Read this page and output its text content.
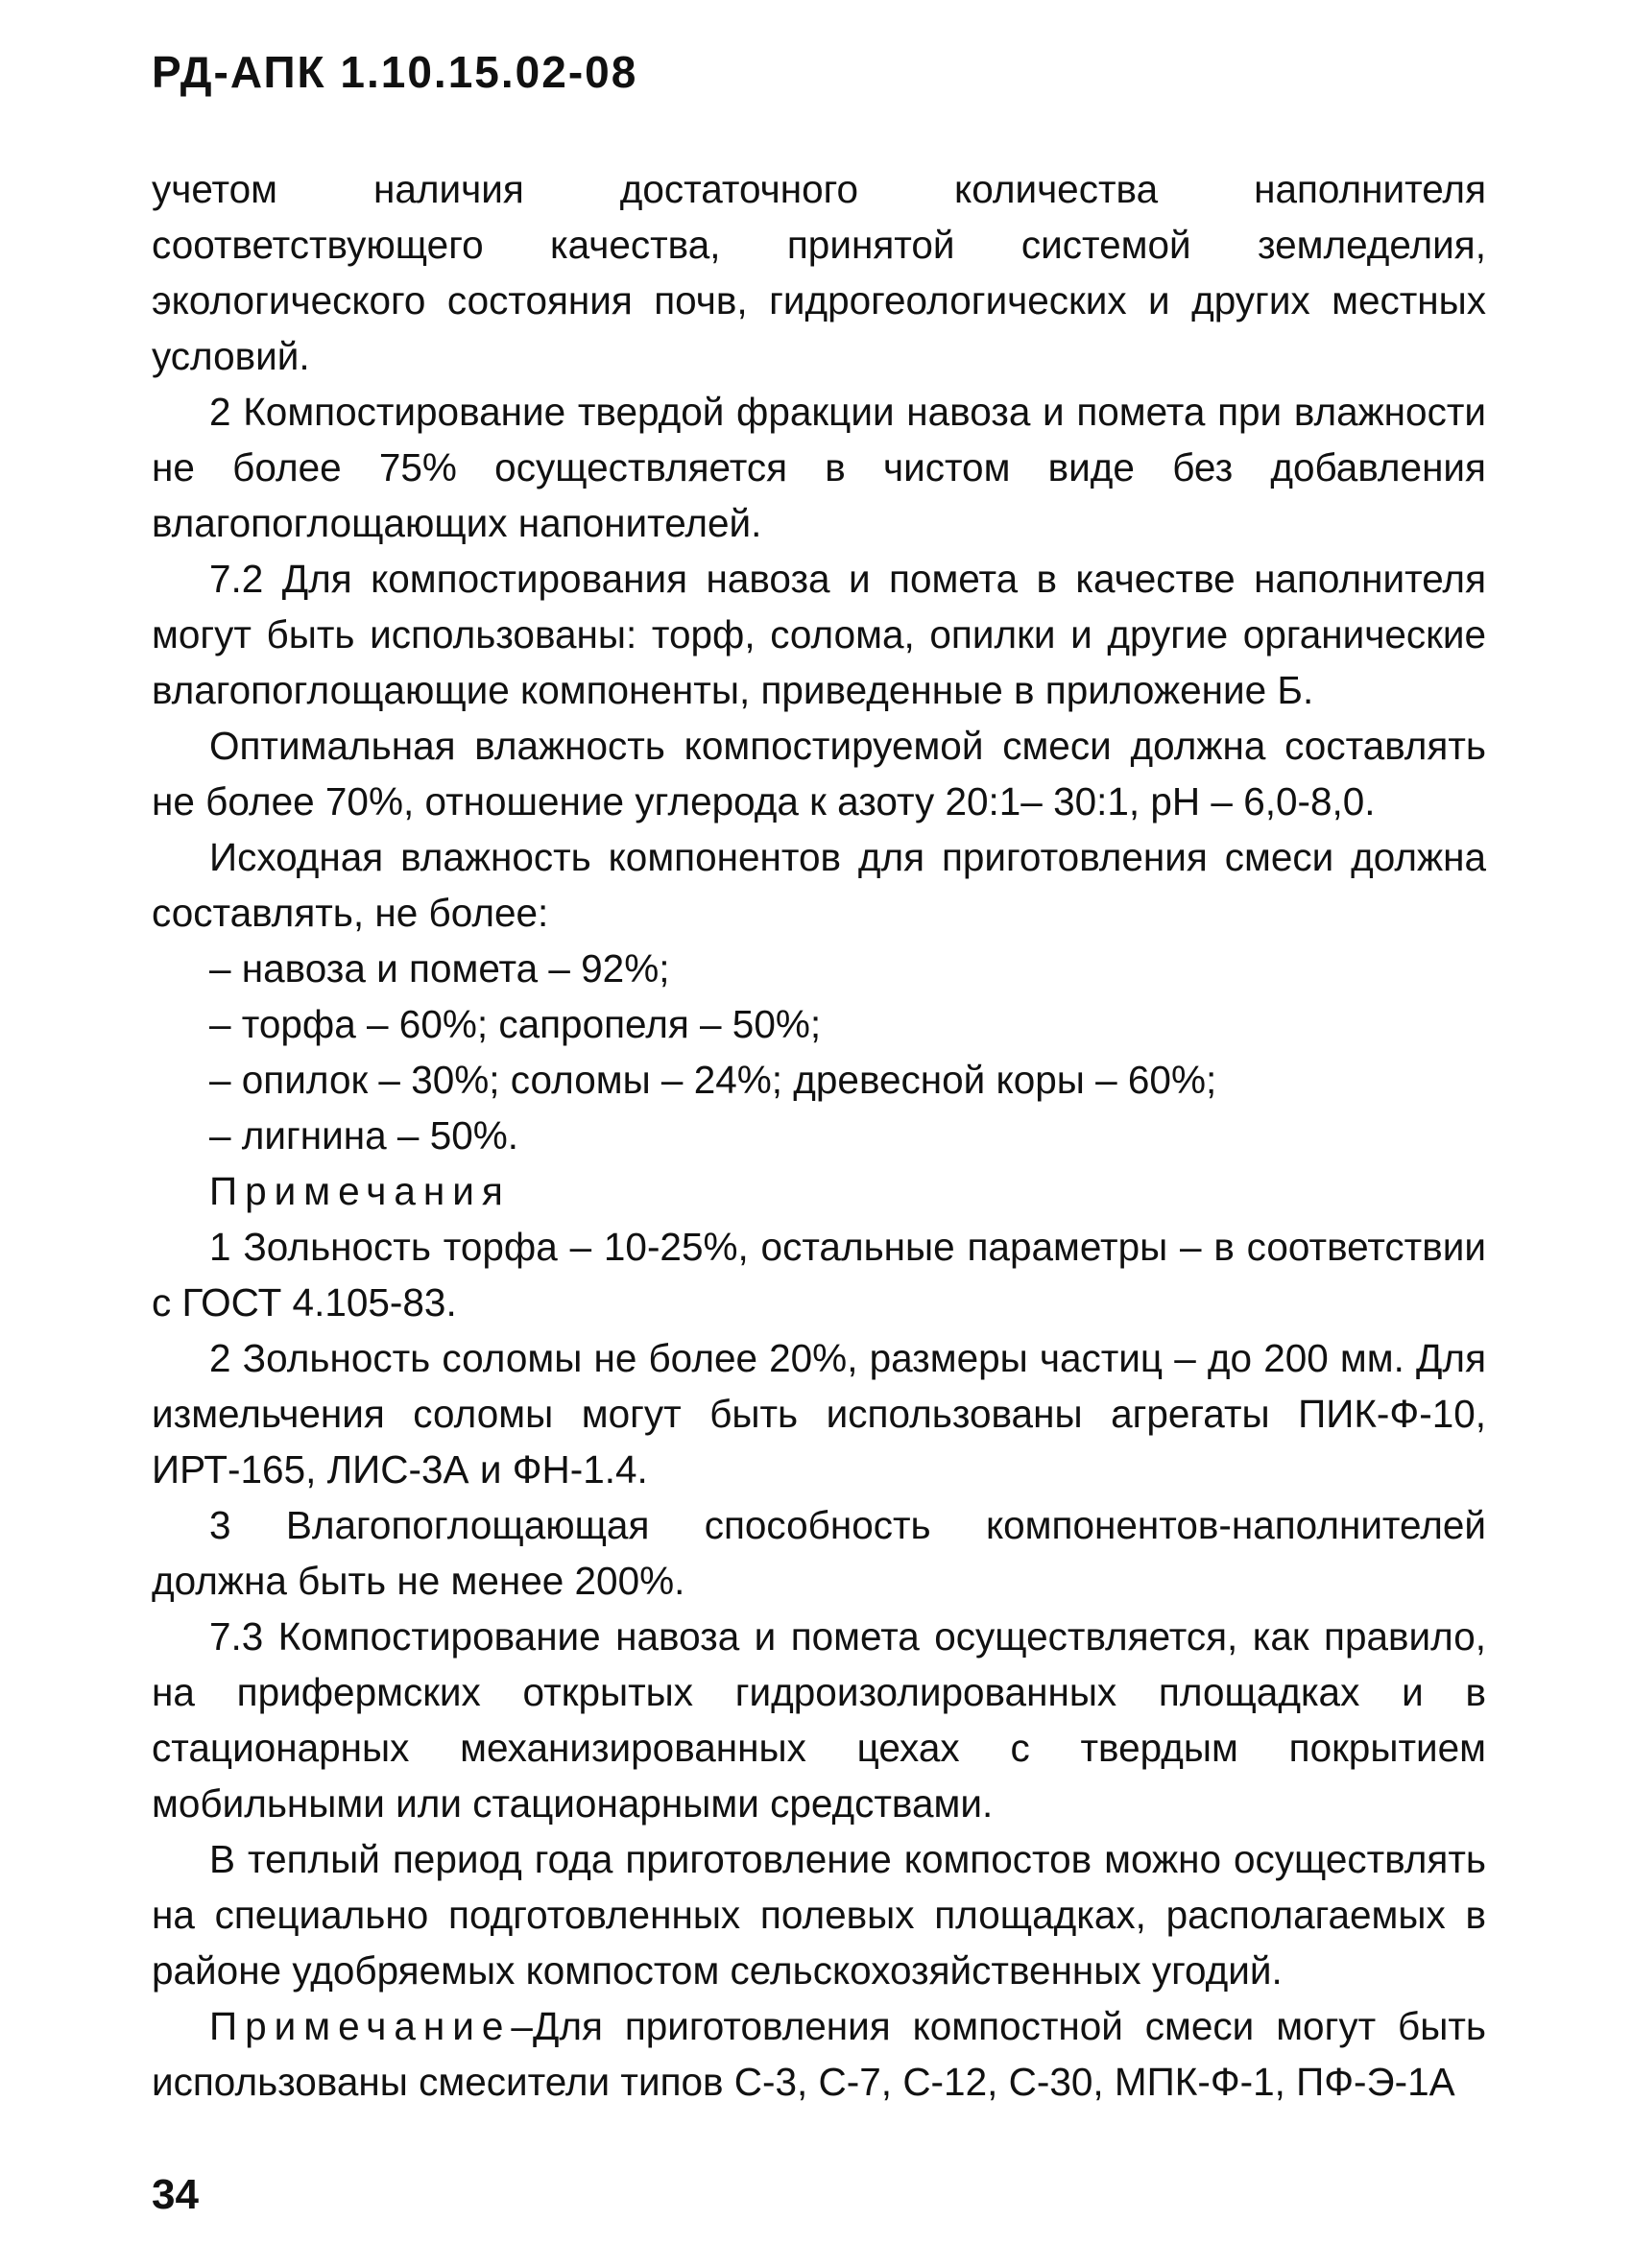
РД-АПК 1.10.15.02-08

учетом наличия достаточного количества наполнителя соответствующего качества, принятой системой земледелия, экологического состояния почв, гидрогеологических и других местных условий.

2 Компостирование твердой фракции навоза и помета при влажности не более 75% осуществляется в чистом виде без добавления влагопоглощающих напонителей.

7.2 Для компостирования навоза и помета в качестве наполнителя могут быть использованы: торф, солома, опилки и другие органические влагопоглощающие компоненты, приведенные в приложение Б.

Оптимальная влажность компостируемой смеси должна составлять не более 70%, отношение углерода к азоту 20:1– 30:1, рН – 6,0-8,0.

Исходная влажность компонентов для приготовления смеси должна составлять, не более:

– навоза и помета – 92%;

– торфа – 60%; сапропеля – 50%;

– опилок – 30%; соломы – 24%; древесной коры – 60%;

– лигнина – 50%.

Примечания

1 Зольность торфа – 10-25%, остальные параметры – в соответствии с ГОСТ 4.105-83.

2 Зольность соломы не более 20%, размеры частиц – до 200 мм. Для измельчения соломы могут быть использованы агрегаты ПИК-Ф-10, ИРТ-165, ЛИС-3А и ФН-1.4.

3 Влагопоглощающая способность компонентов-наполнителей должна быть не менее 200%.

7.3 Компостирование навоза и помета осуществляется, как правило, на прифермских открытых гидроизолированных площадках и в стационарных механизированных цехах с твердым покрытием мобильными или стационарными средствами.

В теплый период года приготовление компостов можно осуществлять на специально подготовленных полевых площадках, располагаемых в районе удобряемых компостом сельскохозяйственных угодий.

Примечание–Для приготовления компостной смеси могут быть использованы смесители типов С-3, С-7, С-12, С-30, МПК-Ф-1, ПФ-Э-1А

34
